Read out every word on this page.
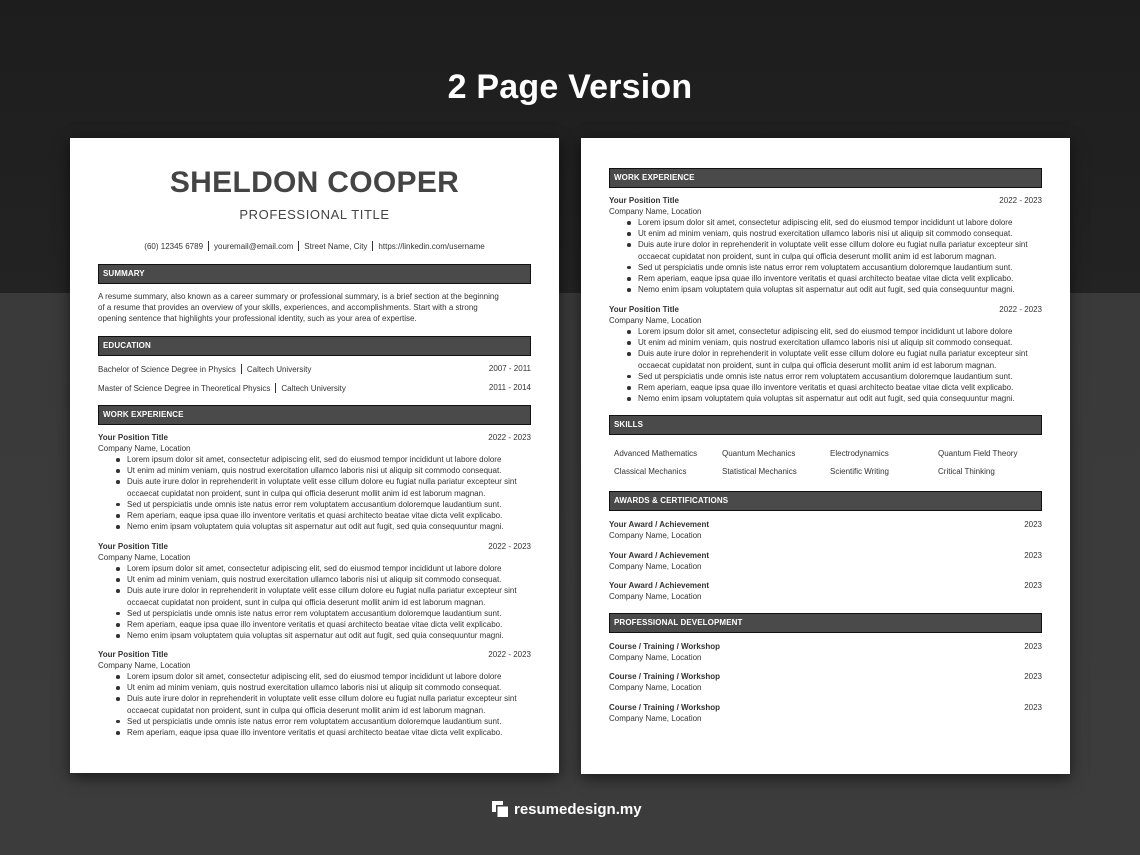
2 Page Version
SHELDON COOPER
PROFESSIONAL TITLE
(60) 12345 6789 youremail@email.com Street Name, City https://linkedin.com/username
SUMMARY
A resume summary, also known as a career summary or professional summary, is a brief section at the beginning
of a resume that provides an overview of your skills, experiences, and accomplishments. Start with a strong
opening sentence that highlights your professional identity, such as your area of expertise.
EDUCATION
Bachelor of Science Degree in Physics Caltech University	2007 - 2011
Master of Science Degree in Theoretical Physics Caltech University	2011 - 2014
WORK EXPERIENCE
Your Position Title	2022 - 2023
Company Name, Location
Lorem ipsum dolor sit amet, consectetur adipiscing elit, sed do eiusmod tempor incididunt ut labore dolore
Ut enim ad minim veniam, quis nostrud exercitation ullamco laboris nisi ut aliquip sit commodo consequat.
Duis aute irure dolor in reprehenderit in voluptate velit esse cillum dolore eu fugiat nulla pariatur excepteur sint occaecat cupidatat non proident, sunt in culpa qui officia deserunt mollit anim id est laborum magnan.
Sed ut perspiciatis unde omnis iste natus error rem voluptatem accusantium doloremque laudantium sunt.
Rem aperiam, eaque ipsa quae illo inventore veritatis et quasi architecto beatae vitae dicta velit explicabo.
Nemo enim ipsam voluptatem quia voluptas sit aspernatur aut odit aut fugit, sed quia consequuntur magni.
Your Position Title	2022 - 2023
Company Name, Location
Lorem ipsum dolor sit amet, consectetur adipiscing elit, sed do eiusmod tempor incididunt ut labore dolore
Ut enim ad minim veniam, quis nostrud exercitation ullamco laboris nisi ut aliquip sit commodo consequat.
Duis aute irure dolor in reprehenderit in voluptate velit esse cillum dolore eu fugiat nulla pariatur excepteur sint occaecat cupidatat non proident, sunt in culpa qui officia deserunt mollit anim id est laborum magnan.
Sed ut perspiciatis unde omnis iste natus error rem voluptatem accusantium doloremque laudantium sunt.
Rem aperiam, eaque ipsa quae illo inventore veritatis et quasi architecto beatae vitae dicta velit explicabo.
Nemo enim ipsam voluptatem quia voluptas sit aspernatur aut odit aut fugit, sed quia consequuntur magni.
Your Position Title	2022 - 2023
Company Name, Location
Lorem ipsum dolor sit amet, consectetur adipiscing elit, sed do eiusmod tempor incididunt ut labore dolore
Ut enim ad minim veniam, quis nostrud exercitation ullamco laboris nisi ut aliquip sit commodo consequat.
Duis aute irure dolor in reprehenderit in voluptate velit esse cillum dolore eu fugiat nulla pariatur excepteur sint occaecat cupidatat non proident, sunt in culpa qui officia deserunt mollit anim id est laborum magnan.
Sed ut perspiciatis unde omnis iste natus error rem voluptatem accusantium doloremque laudantium sunt.
Rem aperiam, eaque ipsa quae illo inventore veritatis et quasi architecto beatae vitae dicta velit explicabo.
WORK EXPERIENCE
Your Position Title	2022 - 2023
Company Name, Location
Lorem ipsum dolor sit amet, consectetur adipiscing elit, sed do eiusmod tempor incididunt ut labore dolore
Ut enim ad minim veniam, quis nostrud exercitation ullamco laboris nisi ut aliquip sit commodo consequat.
Duis aute irure dolor in reprehenderit in voluptate velit esse cillum dolore eu fugiat nulla pariatur excepteur sint occaecat cupidatat non proident, sunt in culpa qui officia deserunt mollit anim id est laborum magnan.
Sed ut perspiciatis unde omnis iste natus error rem voluptatem accusantium doloremque laudantium sunt.
Rem aperiam, eaque ipsa quae illo inventore veritatis et quasi architecto beatae vitae dicta velit explicabo.
Nemo enim ipsam voluptatem quia voluptas sit aspernatur aut odit aut fugit, sed quia consequuntur magni.
Your Position Title	2022 - 2023
Company Name, Location
Lorem ipsum dolor sit amet, consectetur adipiscing elit, sed do eiusmod tempor incididunt ut labore dolore
Ut enim ad minim veniam, quis nostrud exercitation ullamco laboris nisi ut aliquip sit commodo consequat.
Duis aute irure dolor in reprehenderit in voluptate velit esse cillum dolore eu fugiat nulla pariatur excepteur sint occaecat cupidatat non proident, sunt in culpa qui officia deserunt mollit anim id est laborum magnan.
Sed ut perspiciatis unde omnis iste natus error rem voluptatem accusantium doloremque laudantium sunt.
Rem aperiam, eaque ipsa quae illo inventore veritatis et quasi architecto beatae vitae dicta velit explicabo.
Nemo enim ipsam voluptatem quia voluptas sit aspernatur aut odit aut fugit, sed quia consequuntur magni.
SKILLS
Advanced Mathematics	Quantum Mechanics	Electrodynamics	Quantum Field Theory
Classical Mechanics	Statistical Mechanics	Scientific Writing	Critical Thinking
AWARDS & CERTIFICATIONS
Your Award / Achievement	2023
Company Name, Location
Your Award / Achievement	2023
Company Name, Location
Your Award / Achievement	2023
Company Name, Location
PROFESSIONAL DEVELOPMENT
Course / Training / Workshop	2023
Company Name, Location
Course / Training / Workshop	2023
Company Name, Location
Course / Training / Workshop	2023
Company Name, Location
resumedesign.my
